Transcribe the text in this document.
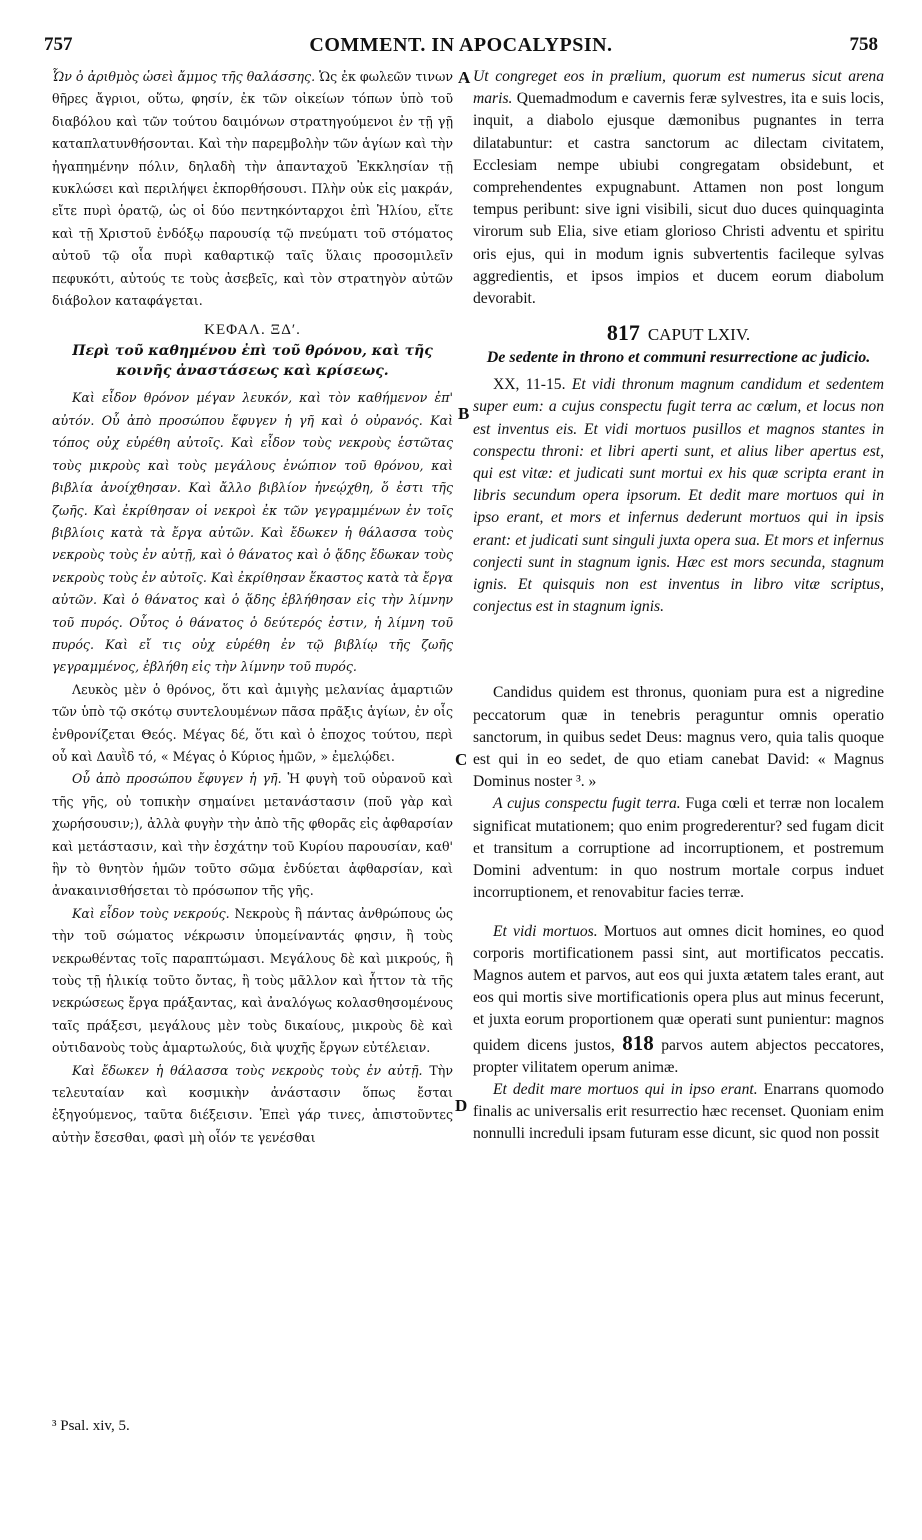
757	COMMENT. IN APOCALYPSIN.	758

Ὧν ὁ ἀριθμὸς ὡσεὶ ἄμμος τῆς θαλάσσης. Ὡς ἐκ φωλεῶν τινων θῆρες ἄγριοι, οὕτω, φησίν, ἐκ τῶν οἰκείων τόπων ὑπὸ τοῦ διαβόλου καὶ τῶν τούτου δαιμόνων στρατηγούμενοι ἐν τῇ γῇ καταπλατυνθήσονται. Καὶ τὴν παρεμβολὴν τῶν ἁγίων καὶ τὴν ἠγαπημένην πόλιν, δηλαδὴ τὴν ἁπανταχοῦ Ἐκκλησίαν τῇ κυκλώσει καὶ περιλήψει ἐκπορθήσουσι. Πλὴν οὐκ εἰς μακράν, εἴτε πυρὶ ὁρατῷ, ὡς οἱ δύο πεντηκόνταρχοι ἐπὶ Ἠλίου, εἴτε καὶ τῇ Χριστοῦ ἐνδόξῳ παρουσίᾳ τῷ πνεύματι τοῦ στόματος αὐτοῦ τῷ οἷα πυρὶ καθαρτικῷ ταῖς ὕλαις προσομιλεῖν πεφυκότι, αὐτούς τε τοὺς ἀσεβεῖς, καὶ τὸν στρατηγὸν αὐτῶν διάβολον καταφάγεται.

ΚΕΦΑΛ. ΞΔʹ.

Περὶ τοῦ καθημένου ἐπὶ τοῦ θρόνου, καὶ τῆς κοινῆς ἀναστάσεως καὶ κρίσεως.

Καὶ εἶδον θρόνον μέγαν λευκόν, καὶ τὸν καθήμενον ἐπ' αὐτόν. Οὗ ἀπὸ προσώπου ἔφυγεν ἡ γῆ καὶ ὁ οὐρανός. Καὶ τόπος οὐχ εὑρέθη αὐτοῖς. Καὶ εἶδον τοὺς νεκροὺς ἑστῶτας τοὺς μικροὺς καὶ τοὺς μεγάλους ἐνώπιον τοῦ θρόνου, καὶ βιβλία ἀνοίχθησαν. Καὶ ἄλλο βιβλίον ἠνεῴχθη, ὅ ἐστι τῆς ζωῆς. Καὶ ἐκρίθησαν οἱ νεκροὶ ἐκ τῶν γεγραμμένων ἐν τοῖς βιβλίοις κατὰ τὰ ἔργα αὐτῶν. Καὶ ἔδωκεν ἡ θάλασσα τοὺς νεκροὺς τοὺς ἐν αὐτῇ, καὶ ὁ θάνατος καὶ ὁ ᾅδης ἔδωκαν τοὺς νεκροὺς τοὺς ἐν αὐτοῖς. Καὶ ἐκρίθησαν ἕκαστος κατὰ τὰ ἔργα αὐτῶν. Καὶ ὁ θάνατος καὶ ὁ ᾅδης ἐβλήθησαν εἰς τὴν λίμνην τοῦ πυρός. Οὗτος ὁ θάνατος ὁ δεύτερός ἐστιν, ἡ λίμνη τοῦ πυρός. Καὶ εἴ τις οὐχ εὑρέθη ἐν τῷ βιβλίῳ τῆς ζωῆς γεγραμμένος, ἐβλήθη εἰς τὴν λίμνην τοῦ πυρός.

Λευκὸς μὲν ὁ θρόνος, ὅτι καὶ ἀμιγὴς μελανίας ἁμαρτιῶν τῶν ὑπὸ τῷ σκότῳ συντελουμένων πᾶσα πρᾶξις ἁγίων, ἐν οἷς ἐνθρονίζεται Θεός. Μέγας δέ, ὅτι καὶ ὁ ἐποχος τούτου, περὶ οὗ καὶ Δαυῒδ τό, « Μέγας ὁ Κύριος ἡμῶν, » ἐμελῴδει.

Οὗ ἀπὸ προσώπου ἔφυγεν ἡ γῆ. Ἡ φυγὴ τοῦ οὐρανοῦ καὶ τῆς γῆς, οὐ τοπικὴν σημαίνει μετανάστασιν (ποῦ γὰρ καὶ χωρήσουσιν;), ἀλλὰ φυγὴν τὴν ἀπὸ τῆς φθορᾶς εἰς ἀφθαρσίαν καὶ μετάστασιν, καὶ τὴν ἐσχάτην τοῦ Κυρίου παρουσίαν, καθ' ἣν τὸ θνητὸν ἡμῶν τοῦτο σῶμα ἐνδύεται ἀφθαρσίαν, καὶ ἀνακαινισθήσεται τὸ πρόσωπον τῆς γῆς.

Καὶ εἶδον τοὺς νεκρούς. Νεκροὺς ἢ πάντας ἀνθρώπους ὡς τὴν τοῦ σώματος νέκρωσιν ὑπομείναντάς φησιν, ἢ τοὺς νεκρωθέντας τοῖς παραπτώμασι. Μεγάλους δὲ καὶ μικρούς, ἢ τοὺς τῇ ἡλικίᾳ τοῦτο ὄντας, ἢ τοὺς μᾶλλον καὶ ἧττον τὰ τῆς νεκρώσεως ἔργα πράξαντας, καὶ ἀναλόγως κολασθησομένους ταῖς πράξεσι, μεγάλους μὲν τοὺς δικαίους, μικροὺς δὲ καὶ οὐτιδανοὺς τοὺς ἁμαρτωλούς, διὰ ψυχῆς ἔργων εὐτέλειαν.

Καὶ ἔδωκεν ἡ θάλασσα τοὺς νεκροὺς τοὺς ἐν αὐτῇ. Τὴν τελευταίαν καὶ κοσμικὴν ἀνάστασιν ὅπως ἔσται ἐξηγούμενος, ταῦτα διέξεισιν. Ἐπεὶ γάρ τινες, ἀπιστοῦντες αὐτὴν ἔσεσθαι, φασὶ μὴ οἷόν τε γενέσθαι

Ut congreget eos in prælium, quorum est numerus sicut arena maris. Quemadmodum e cavernis feræ sylvestres, ita e suis locis, inquit, a diabolo ejusque dæmonibus pugnantes in terra dilatabuntur: et castra sanctorum ac dilectam civitatem, Ecclesiam nempe ubiubi congregatam obsidebunt, et comprehendentes expugnabunt. Attamen non post longum tempus peribunt: sive igni visibili, sicut duo duces quinquaginta virorum sub Elia, sive etiam glorioso Christi adventu et spiritu oris ejus, qui in modum ignis subvertentis facileque sylvas aggredientis, et ipsos impios et ducem eorum diabolum devorabit.

817 CAPUT LXIV.

De sedente in throno et communi resurrectione ac judicio.

XX, 11-15. Et vidi thronum magnum candidum et sedentem super eum: a cujus conspectu fugit terra ac cœlum, et locus non est inventus eis. Et vidi mortuos pusillos et magnos stantes in conspectu throni: et libri aperti sunt, et alius liber apertus est, qui est vitæ: et judicati sunt mortui ex his quæ scripta erant in libris secundum opera ipsorum. Et dedit mare mortuos qui in ipso erant, et mors et infernus dederunt mortuos qui in ipsis erant: et judicati sunt singuli juxta opera sua. Et mors et infernus conjecti sunt in stagnum ignis. Hæc est mors secunda, stagnum ignis. Et quisquis non est inventus in libro vitæ scriptus, conjectus est in stagnum ignis.

Candidus quidem est thronus, quoniam pura est a nigredine peccatorum quæ in tenebris peraguntur omnis operatio sanctorum, in quibus sedet Deus: magnus vero, quia talis quoque est qui in eo sedet, de quo etiam canebat David: « Magnus Dominus noster ³. »

A cujus conspectu fugit terra. Fuga cœli et terræ non localem significat mutationem; quo enim progrederentur? sed fugam dicit et transitum a corruptione ad incorruptionem, et postremum Domini adventum: in quo nostrum mortale corpus induet incorruptionem, et renovabitur facies terræ.

Et vidi mortuos. Mortuos aut omnes dicit homines, eo quod corporis mortificationem passi sint, aut mortificatos peccatis. Magnos autem et parvos, aut eos qui juxta ætatem tales erant, aut eos qui mortis sive mortificationis opera plus aut minus fecerunt, et juxta eorum proportionem quæ operati sunt punientur: magnos quidem dicens justos, 818 parvos autem abjectos peccatores, propter vilitatem operum animæ.

Et dedit mare mortuos qui in ipso erant. Enarrans quomodo finalis ac universalis erit resurrectio hæc recenset. Quoniam enim nonnulli increduli ipsam futuram esse dicunt, sic quod non possit

A
B
C
D
³ Psal. xiv, 5.
